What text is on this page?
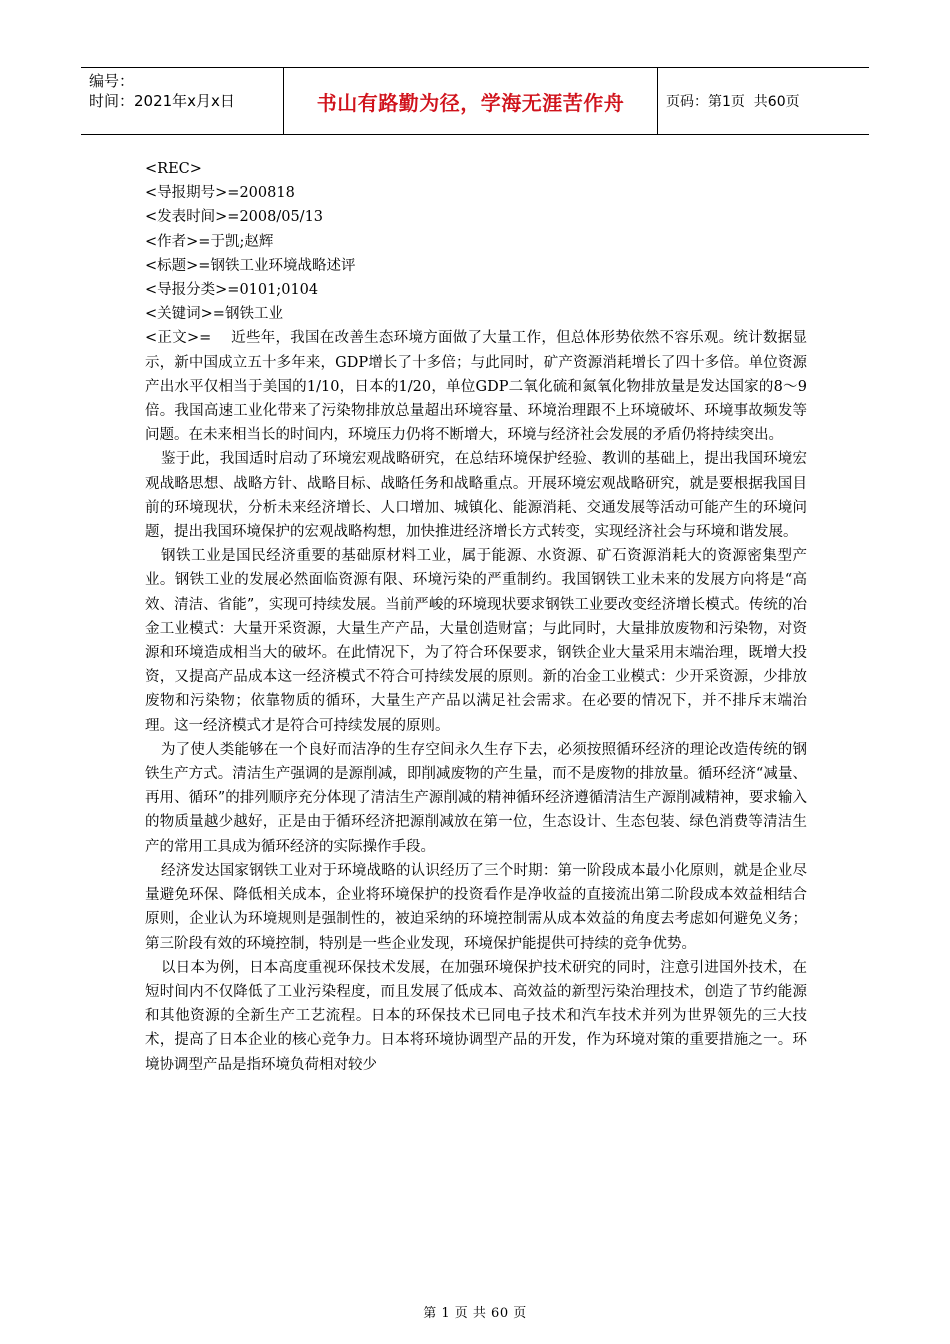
编号：
时间：2021年x月x日	书山有路勤为径，学海无涯苦作舟	页码：第1页  共60页
<REC>
<导报期号>=200818
<发表时间>=2008/05/13
<作者>=于凯;赵辉
<标题>=钢铁工业环境战略述评
<导报分类>=0101;0104
<关键词>=钢铁工业

<正文>=　 近些年，我国在改善生态环境方面做了大量工作，但总体形势依然不容乐观。统计数据显示，新中国成立五十多年来，GDP增长了十多倍；与此同时，矿产资源消耗增长了四十多倍。单位资源产出水平仅相当于美国的1/10，日本的1/20，单位GDP二氧化硫和氮氧化物排放量是发达国家的8～9倍。我国高速工业化带来了污染物排放总量超出环境容量、环境治理跟不上环境破坏、环境事故频发等问题。在未来相当长的时间内，环境压力仍将不断增大，环境与经济社会发展的矛盾仍将持续突出。

鉴于此，我国适时启动了环境宏观战略研究，在总结环境保护经验、教训的基础上，提出我国环境宏观战略思想、战略方针、战略目标、战略任务和战略重点。开展环境宏观战略研究，就是要根据我国目前的环境现状，分析未来经济增长、人口增加、城镇化、能源消耗、交通发展等活动可能产生的环境问题，提出我国环境保护的宏观战略构想，加快推进经济增长方式转变，实现经济社会与环境和谐发展。

钢铁工业是国民经济重要的基础原材料工业，属于能源、水资源、矿石资源消耗大的资源密集型产业。钢铁工业的发展必然面临资源有限、环境污染的严重制约。我国钢铁工业未来的发展方向将是“高效、清洁、省能”，实现可持续发展。当前严峻的环境现状要求钢铁工业要改变经济增长模式。传统的冶金工业模式：大量开采资源，大量生产产品，大量创造财富；与此同时，大量排放废物和污染物，对资源和环境造成相当大的破坏。在此情况下，为了符合环保要求，钢铁企业大量采用末端治理，既增大投资，又提高产品成本这一经济模式不符合可持续发展的原则。新的冶金工业模式：少开采资源，少排放废物和污染物；依靠物质的循环，大量生产产品以满足社会需求。在必要的情况下，并不排斥末端治理。这一经济模式才是符合可持续发展的原则。

为了使人类能够在一个良好而洁净的生存空间永久生存下去，必须按照循环经济的理论改造传统的钢铁生产方式。清洁生产强调的是源削减，即削减废物的产生量，而不是废物的排放量。循环经济“减量、再用、循环”的排列顺序充分体现了清洁生产源削减的精神循环经济遵循清洁生产源削减精神，要求输入的物质量越少越好，正是由于循环经济把源削减放在第一位，生态设计、生态包装、绿色消费等清洁生产的常用工具成为循环经济的实际操作手段。

经济发达国家钢铁工业对于环境战略的认识经历了三个时期：第一阶段成本最小化原则，就是企业尽量避免环保、降低相关成本，企业将环境保护的投资看作是净收益的直接流出第二阶段成本效益相结合原则，企业认为环境规则是强制性的，被迫采纳的环境控制需从成本效益的角度去考虑如何避免义务；第三阶段有效的环境控制，特别是一些企业发现，环境保护能提供可持续的竞争优势。

以日本为例，日本高度重视环保技术发展，在加强环境保护技术研究的同时，注意引进国外技术，在短时间内不仅降低了工业污染程度，而且发展了低成本、高效益的新型污染治理技术，创造了节约能源和其他资源的全新生产工艺流程。日本的环保技术已同电子技术和汽车技术并列为世界领先的三大技术，提高了日本企业的核心竞争力。日本将环境协调型产品的开发，作为环境对策的重要措施之一。环境协调型产品是指环境负荷相对较少

第 1 页 共 60 页
